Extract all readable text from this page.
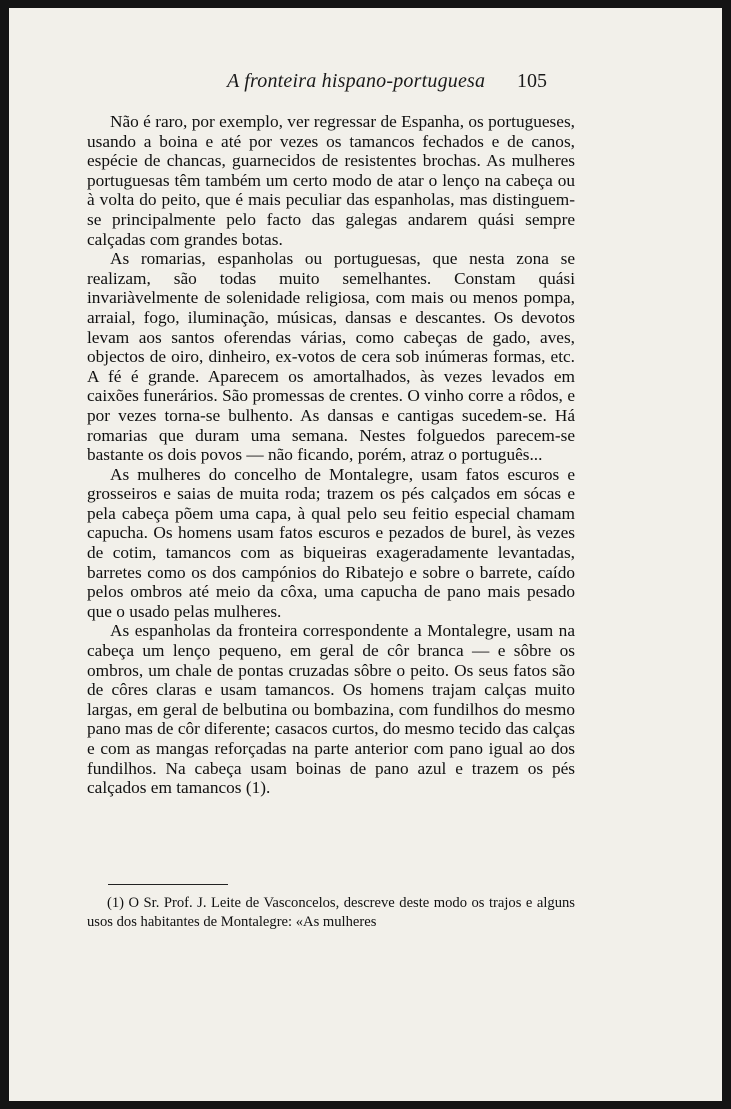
A fronteira hispano-portuguesa 105

Não é raro, por exemplo, ver regressar de Espanha, os portugueses, usando a boina e até por vezes os tamancos fechados e de canos, espécie de chancas, guarnecidos de resistentes brochas. As mulheres portuguesas têm também um certo modo de atar o lenço na cabeça ou à volta do peito, que é mais peculiar das espanholas, mas distinguem-se principalmente pelo facto das galegas andarem quási sempre calçadas com grandes botas.

As romarias, espanholas ou portuguesas, que nesta zona se realizam, são todas muito semelhantes. Constam quási invariàvelmente de solenidade religiosa, com mais ou menos pompa, arraial, fogo, iluminação, músicas, dansas e descantes. Os devotos levam aos santos oferendas várias, como cabeças de gado, aves, objectos de oiro, dinheiro, ex-votos de cera sob inúmeras formas, etc. A fé é grande. Aparecem os amortalhados, às vezes levados em caixões funerários. São promessas de crentes. O vinho corre a rôdos, e por vezes torna-se bulhento. As dansas e cantigas sucedem-se. Há romarias que duram uma semana. Nestes folguedos parecem-se bastante os dois povos — não ficando, porém, atraz o português...

As mulheres do concelho de Montalegre, usam fatos escuros e grosseiros e saias de muita roda; trazem os pés calçados em sócas e pela cabeça põem uma capa, à qual pelo seu feitio especial chamam capucha. Os homens usam fatos escuros e pezados de burel, às vezes de cotim, tamancos com as biqueiras exageradamente levantadas, barretes como os dos campónios do Ribatejo e sobre o barrete, caído pelos ombros até meio da côxa, uma capucha de pano mais pesado que o usado pelas mulheres.

As espanholas da fronteira correspondente a Montalegre, usam na cabeça um lenço pequeno, em geral de côr branca — e sôbre os ombros, um chale de pontas cruzadas sôbre o peito. Os seus fatos são de côres claras e usam tamancos. Os homens trajam calças muito largas, em geral de belbutina ou bombazina, com fundilhos do mesmo pano mas de côr diferente; casacos curtos, do mesmo tecido das calças e com as mangas reforçadas na parte anterior com pano igual ao dos fundilhos. Na cabeça usam boinas de pano azul e trazem os pés calçados em tamancos (1).

(1) O Sr. Prof. J. Leite de Vasconcelos, descreve deste modo os trajos e alguns usos dos habitantes de Montalegre: «As mulheres
